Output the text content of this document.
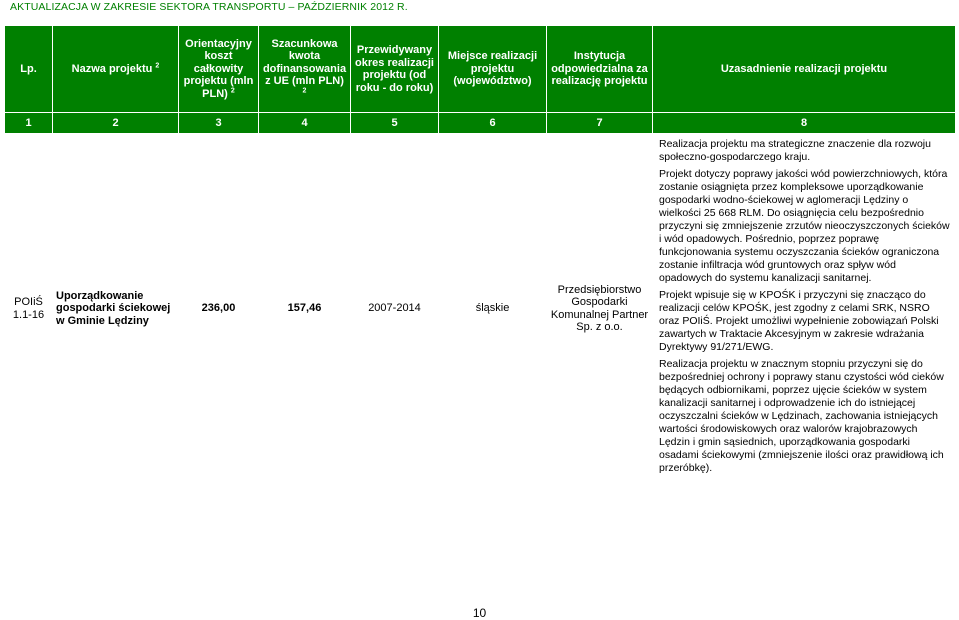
AKTUALIZACJA W ZAKRESIE SEKTORA TRANSPORTU – PAŹDZIERNIK 2012 R.
Lp.	Nazwa projektu $^2$	Orientacyjny koszt całkowity projektu (mln PLN) $^2$	Szacunkowa kwota dofinansowania z UE (mln PLN) $^2$	Przewidywany okres realizacji projektu (od roku - do roku)	Miejsce realizacji projektu (województwo)	Instytucja odpowiedzialna za realizację projektu	Uzasadnienie realizacji projektu
1	2	3	4	5	6	7	8
POIiŚ 1.1-16	Uporządkowanie gospodarki ściekowej w Gminie Lędziny	236,00	157,46	2007-2014	śląskie	Przedsiębiorstwo Gospodarki Komunalnej Partner Sp. z o.o.	Realizacja projektu ma strategiczne znaczenie dla rozwoju społeczno-gospodarczego kraju.

Projekt dotyczy poprawy jakości wód powierzchniowych, która zostanie osiągnięta przez kompleksowe uporządkowanie gospodarki wodno-ściekowej w aglomeracji Lędziny o wielkości 25 668 RLM. Do osiągnięcia celu bezpośrednio przyczyni się zmniejszenie zrzutów nieoczyszczonych ścieków i wód opadowych. Pośrednio, poprzez poprawę funkcjonowania systemu oczyszczania ścieków ograniczona zostanie infiltracja wód gruntowych oraz spływ wód opadowych do systemu kanalizacji sanitarnej.

Projekt wpisuje się w KPOŚK i przyczyni się znacząco do realizacji celów KPOŚK, jest zgodny z celami SRK, NSRO oraz POIiŚ. Projekt umożliwi wypełnienie zobowiązań Polski zawartych w Traktacie Akcesyjnym w zakresie wdrażania Dyrektywy 91/271/EWG.

Realizacja projektu w znacznym stopniu przyczyni się do bezpośredniej ochrony i poprawy stanu czystości wód cieków będących odbiornikami, poprzez ujęcie ścieków w system kanalizacji sanitarnej i odprowadzenie ich do istniejącej oczyszczalni ścieków w Lędzinach, zachowania istniejących wartości środowiskowych oraz walorów krajobrazowych Lędzin i gmin sąsiednich, uporządkowania gospodarki osadami ściekowymi (zmniejszenie ilości oraz prawidłową ich przeróbkę).

10
